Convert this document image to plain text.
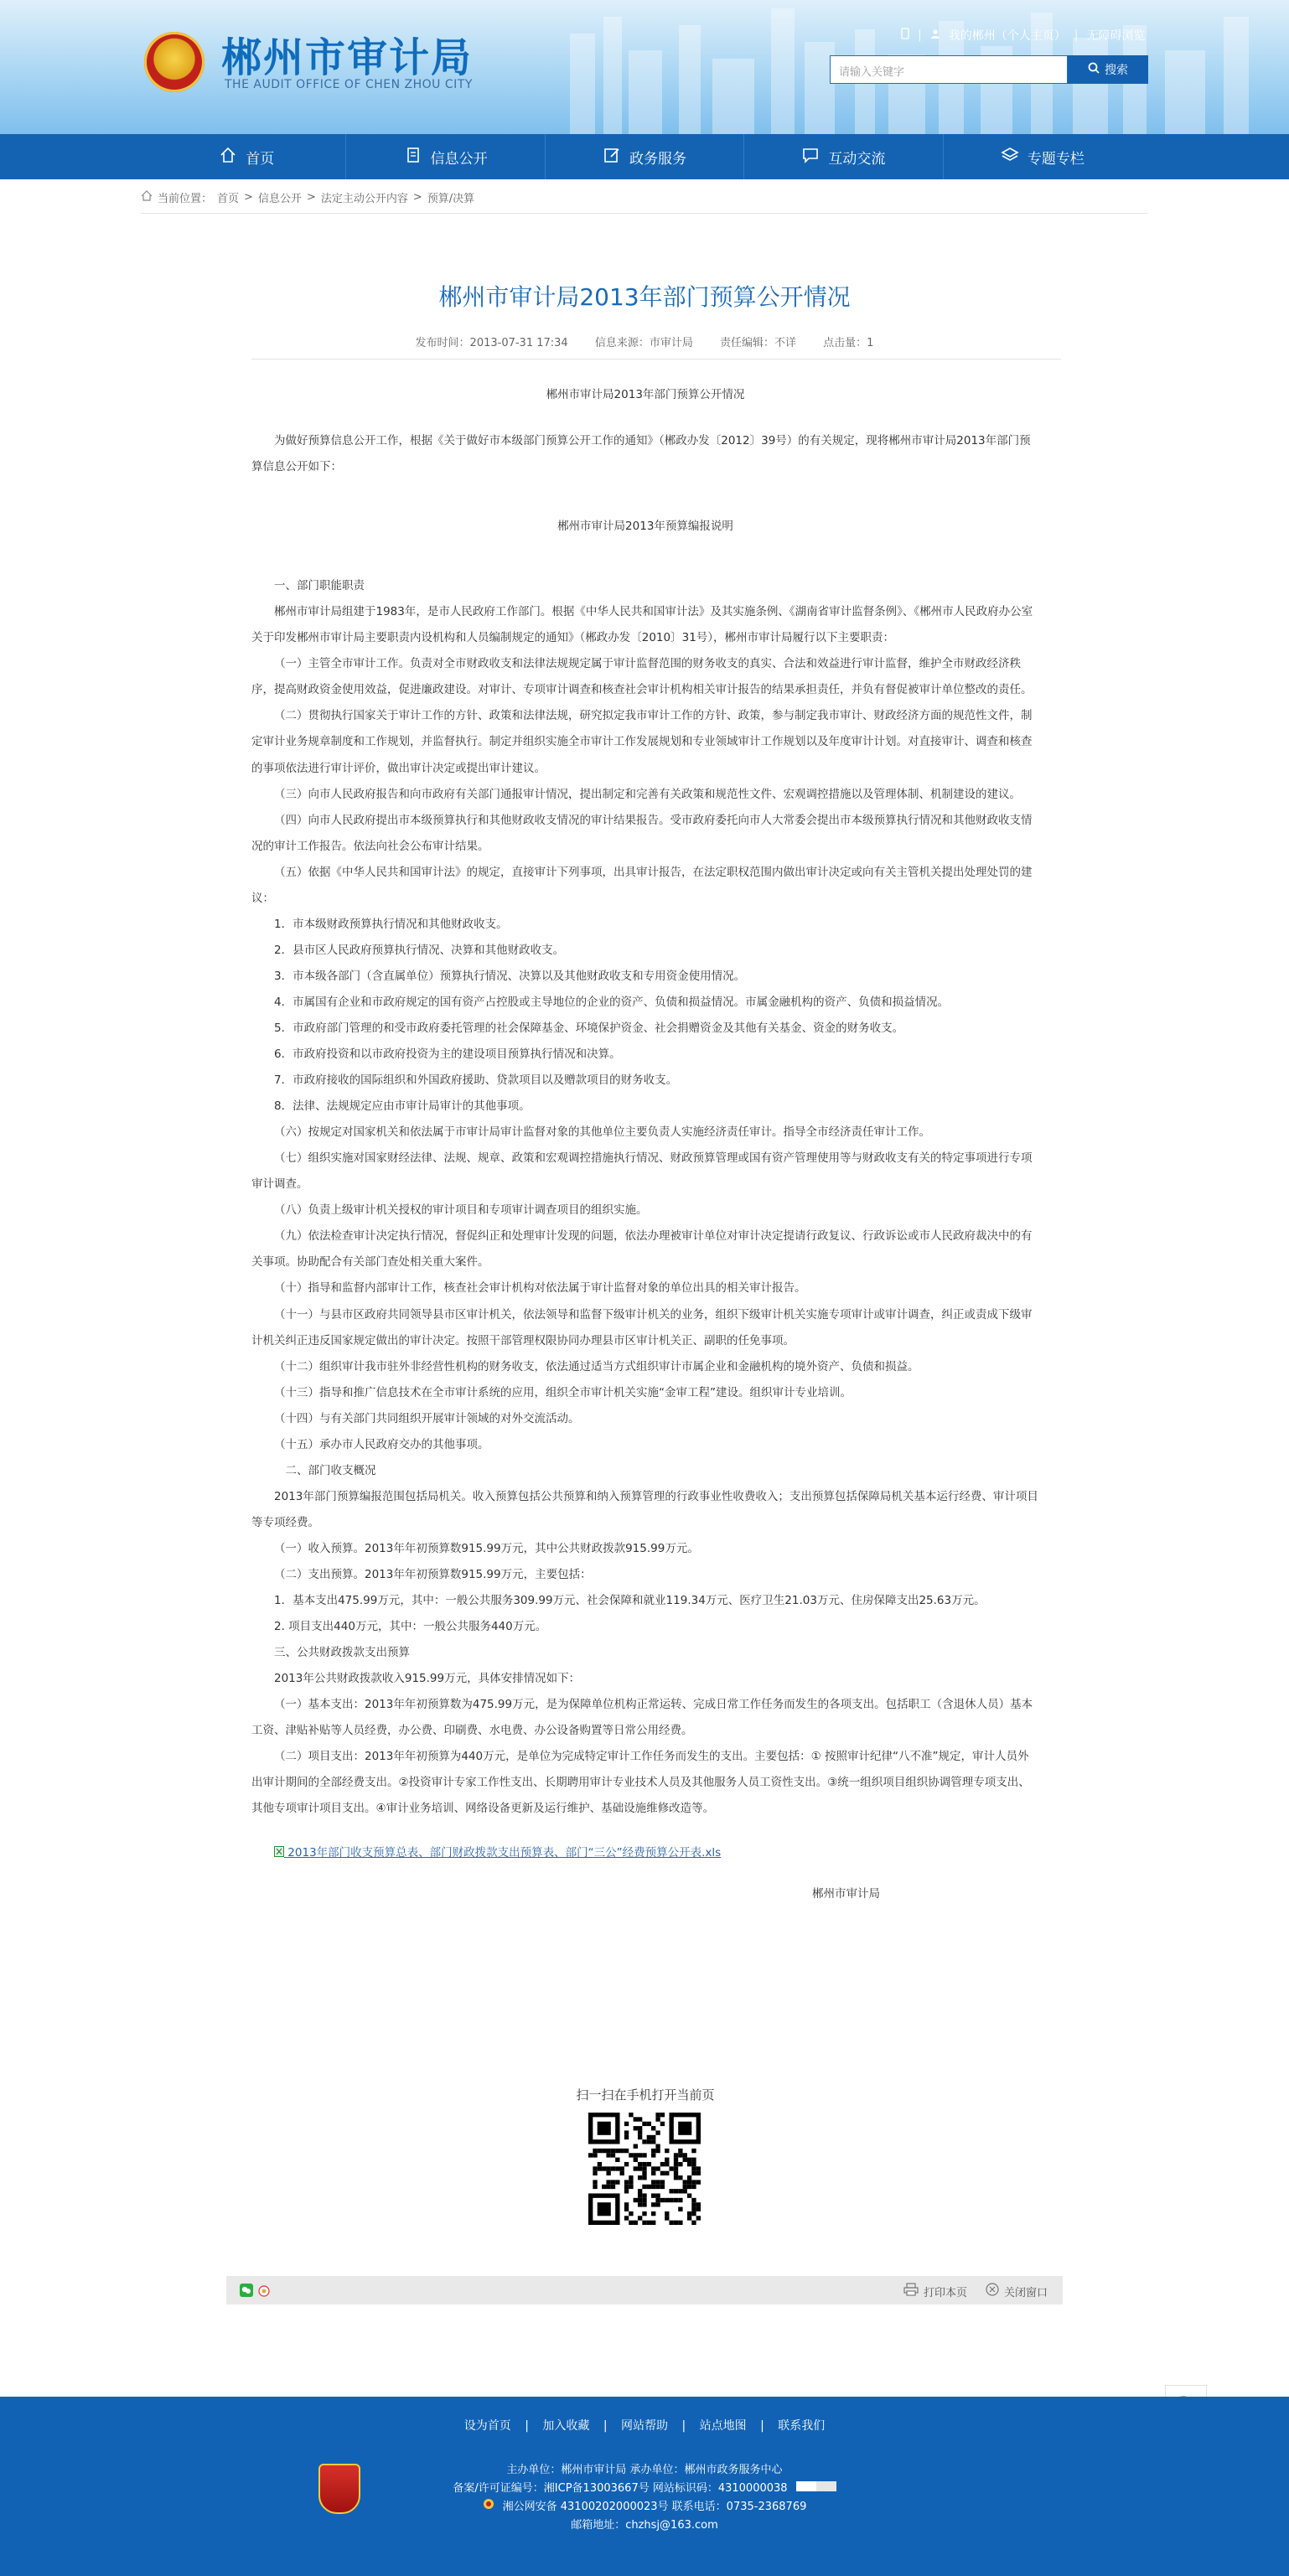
郴州市审计局
THE AUDIT OFFICE OF CHEN ZHOU CITY
| 我的郴州（个人主页） | 无障碍浏览
请输入关键字	搜索
首页	信息公开	政务服务	互动交流	专题专栏
当前位置： 首页 > 信息公开 > 法定主动公开内容 > 预算/决算
郴州市审计局2013年部门预算公开情况
发布时间：2013-07-31 17:34 信息来源：市审计局 责任编辑：不详 点击量：1

郴州市审计局2013年部门预算公开情况

为做好预算信息公开工作，根据《关于做好市本级部门预算公开工作的通知》（郴政办发〔2012〕39号）的有关规定，现将郴州市审计局2013年部门预算信息公开如下：

郴州市审计局2013年预算编报说明

一、部门职能职责

郴州市审计局组建于1983年，是市人民政府工作部门。根据《中华人民共和国审计法》及其实施条例、《湖南省审计监督条例》、《郴州市人民政府办公室关于印发郴州市审计局主要职责内设机构和人员编制规定的通知》（郴政办发〔2010〕31号），郴州市审计局履行以下主要职责：

（一）主管全市审计工作。负责对全市财政收支和法律法规规定属于审计监督范围的财务收支的真实、合法和效益进行审计监督，维护全市财政经济秩序，提高财政资金使用效益，促进廉政建设。对审计、专项审计调查和核查社会审计机构相关审计报告的结果承担责任，并负有督促被审计单位整改的责任。

（二）贯彻执行国家关于审计工作的方针、政策和法律法规，研究拟定我市审计工作的方针、政策，参与制定我市审计、财政经济方面的规范性文件，制定审计业务规章制度和工作规划，并监督执行。制定并组织实施全市审计工作发展规划和专业领域审计工作规划以及年度审计计划。对直接审计、调查和核查的事项依法进行审计评价，做出审计决定或提出审计建议。

（三）向市人民政府报告和向市政府有关部门通报审计情况，提出制定和完善有关政策和规范性文件、宏观调控措施以及管理体制、机制建设的建议。

（四）向市人民政府提出市本级预算执行和其他财政收支情况的审计结果报告。受市政府委托向市人大常委会提出市本级预算执行情况和其他财政收支情况的审计工作报告。依法向社会公布审计结果。

（五）依据《中华人民共和国审计法》的规定，直接审计下列事项，出具审计报告，在法定职权范围内做出审计决定或向有关主管机关提出处理处罚的建议：

1．市本级财政预算执行情况和其他财政收支。

2．县市区人民政府预算执行情况、决算和其他财政收支。

3．市本级各部门（含直属单位）预算执行情况、决算以及其他财政收支和专用资金使用情况。

4．市属国有企业和市政府规定的国有资产占控股或主导地位的企业的资产、负债和损益情况。市属金融机构的资产、负债和损益情况。

5．市政府部门管理的和受市政府委托管理的社会保障基金、环境保护资金、社会捐赠资金及其他有关基金、资金的财务收支。

6．市政府投资和以市政府投资为主的建设项目预算执行情况和决算。

7．市政府接收的国际组织和外国政府援助、贷款项目以及赠款项目的财务收支。

8．法律、法规规定应由市审计局审计的其他事项。

（六）按规定对国家机关和依法属于市审计局审计监督对象的其他单位主要负责人实施经济责任审计。指导全市经济责任审计工作。

（七）组织实施对国家财经法律、法规、规章、政策和宏观调控措施执行情况、财政预算管理或国有资产管理使用等与财政收支有关的特定事项进行专项审计调查。

（八）负责上级审计机关授权的审计项目和专项审计调查项目的组织实施。

（九）依法检查审计决定执行情况，督促纠正和处理审计发现的问题，依法办理被审计单位对审计决定提请行政复议、行政诉讼或市人民政府裁决中的有关事项。协助配合有关部门查处相关重大案件。

（十）指导和监督内部审计工作，核查社会审计机构对依法属于审计监督对象的单位出具的相关审计报告。

（十一）与县市区政府共同领导县市区审计机关，依法领导和监督下级审计机关的业务，组织下级审计机关实施专项审计或审计调查，纠正或责成下级审计机关纠正违反国家规定做出的审计决定。按照干部管理权限协同办理县市区审计机关正、副职的任免事项。

（十二）组织审计我市驻外非经营性机构的财务收支，依法通过适当方式组织审计市属企业和金融机构的境外资产、负债和损益。

（十三）指导和推广信息技术在全市审计系统的应用，组织全市审计机关实施“金审工程”建设。组织审计专业培训。

（十四）与有关部门共同组织开展审计领域的对外交流活动。

（十五）承办市人民政府交办的其他事项。

二、部门收支概况

2013年部门预算编报范围包括局机关。收入预算包括公共预算和纳入预算管理的行政事业性收费收入；支出预算包括保障局机关基本运行经费、审计项目等专项经费。

（一）收入预算。2013年年初预算数915.99万元，其中公共财政拨款915.99万元。

（二）支出预算。2013年年初预算数915.99万元，主要包括：

1．基本支出475.99万元，其中：一般公共服务309.99万元、社会保障和就业119.34万元、医疗卫生21.03万元、住房保障支出25.63万元。

2. 项目支出440万元，其中：一般公共服务440万元。

三、公共财政拨款支出预算

2013年公共财政拨款收入915.99万元，具体安排情况如下：

（一）基本支出：2013年年初预算数为475.99万元，是为保障单位机构正常运转、完成日常工作任务而发生的各项支出。包括职工（含退休人员）基本工资、津贴补贴等人员经费，办公费、印刷费、水电费、办公设备购置等日常公用经费。

（二）项目支出：2013年年初预算为440万元，是单位为完成特定审计工作任务而发生的支出。主要包括：① 按照审计纪律“八不准”规定，审计人员外出审计期间的全部经费支出。②投资审计专家工作性支出、长期聘用审计专业技术人员及其他服务人员工资性支出。③统一组织项目组织协调管理专项支出、其他专项审计项目支出。④审计业务培训、网络设备更新及运行维护、基础设施维修改造等。

2013年部门收支预算总表、部门财政拨款支出预算表、部门“三公”经费预算公开表.xls
郴州市审计局
扫一扫在手机打开当前页
打印本页	关闭窗口
设为首页 | 加入收藏 | 网站帮助 | 站点地图 | 联系我们
主办单位：郴州市审计局 承办单位：郴州市政务服务中心
备案/许可证编号：湘ICP备13003667号 网站标识码：4310000038
湘公网安备 43100202000023号 联系电话：0735-2368769
邮箱地址：chzhsj@163.com
